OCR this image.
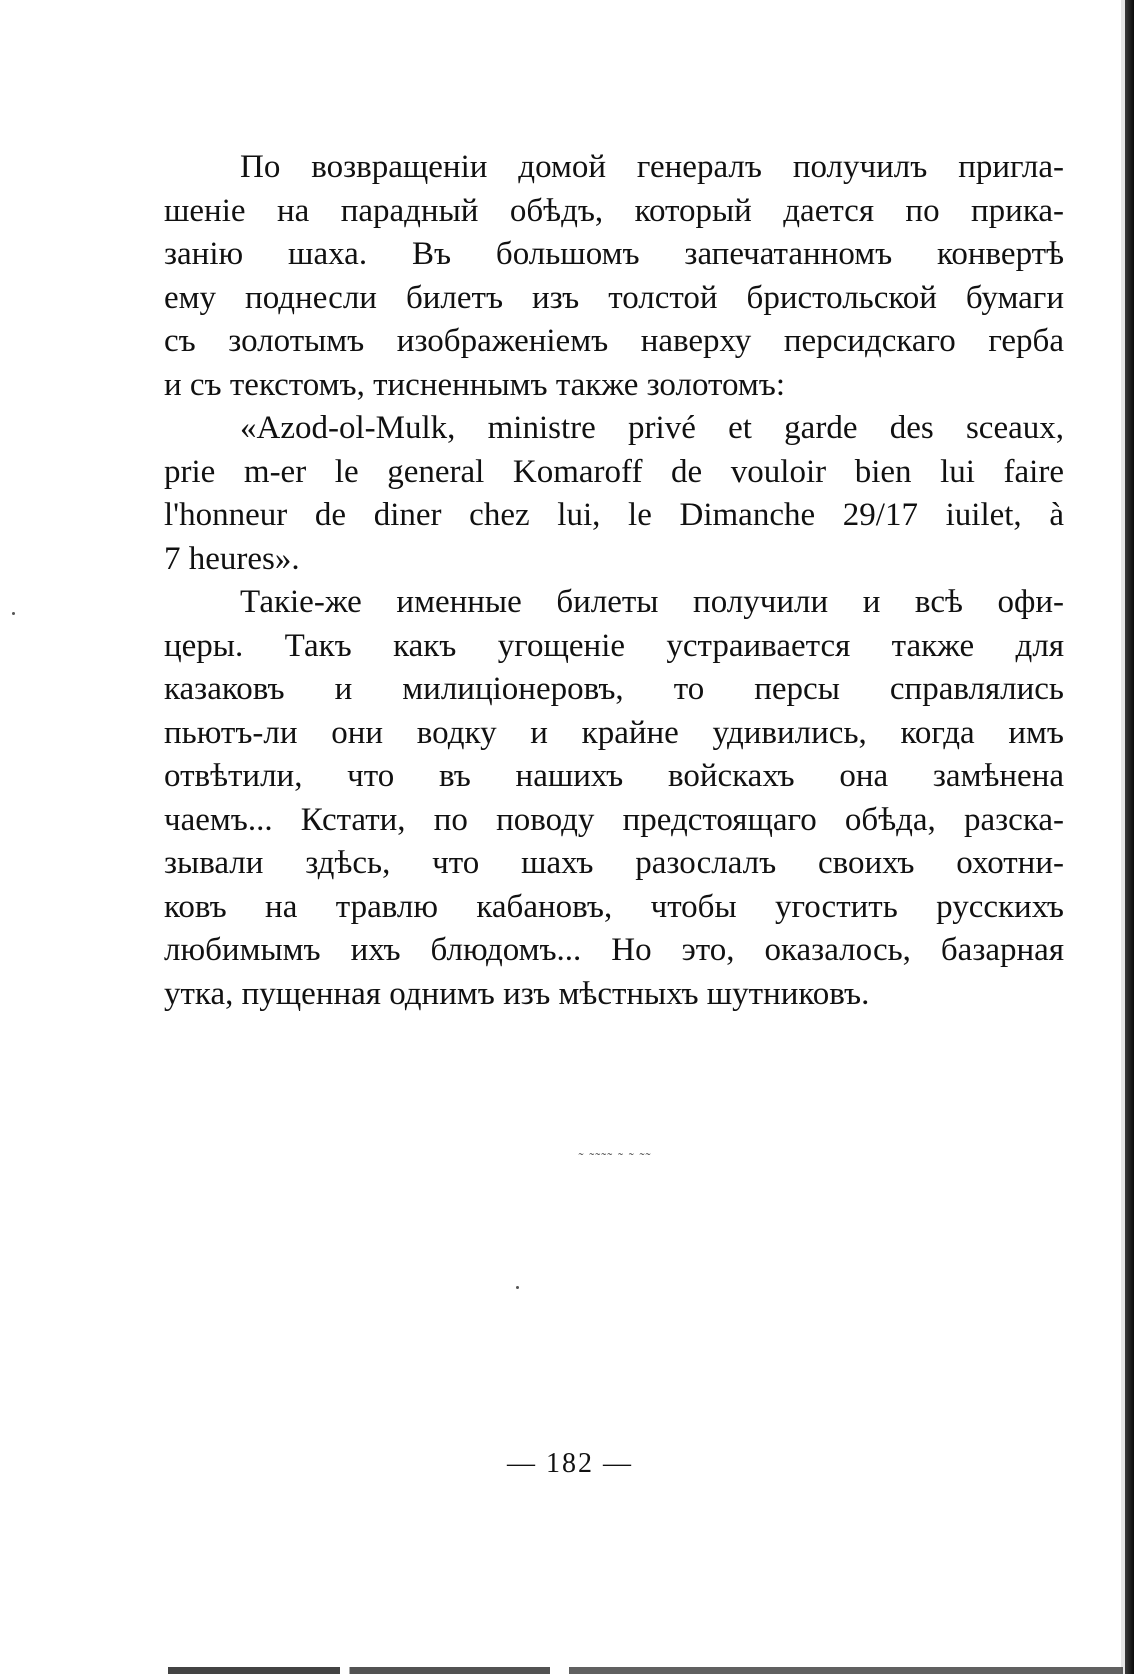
По возвращеніи домой генералъ получилъ пригла-
шеніе на парадный обѣдъ, который дается по прика-
занію шаха. Въ большомъ запечатанномъ конвертѣ
ему поднесли билетъ изъ толстой бристольской бумаги
съ золотымъ изображеніемъ наверху персидскаго герба
и съ текстомъ, тисненнымъ также золотомъ:
«Azod-ol-Mulk, ministre privé et garde des sceaux,
prie m-er le general Komaroff de vouloir bien lui faire
l'honneur de diner chez lui, le Dimanche 29/17 iuilet, à
7 heures».
Такіе-же именные билеты получили и всѣ офи-
церы. Такъ какъ угощеніе устраивается также для
казаковъ и милиціонеровъ, то персы справлялись
пьютъ-ли они водку и крайне удивились, когда имъ
отвѣтили, что въ нашихъ войскахъ она замѣнена
чаемъ... Кстати, по поводу предстоящаго обѣда, разска-
зывали здѣсь, что шахъ разослалъ своихъ охотни-
ковъ на травлю кабановъ, чтобы угостить русскихъ
любимымъ ихъ блюдомъ... Но это, оказалось, базарная
утка, пущенная однимъ изъ мѣстныхъ шутниковъ.
˷ ˷˷˷˷ ˷ ˷ ˷˷
— 182 —
